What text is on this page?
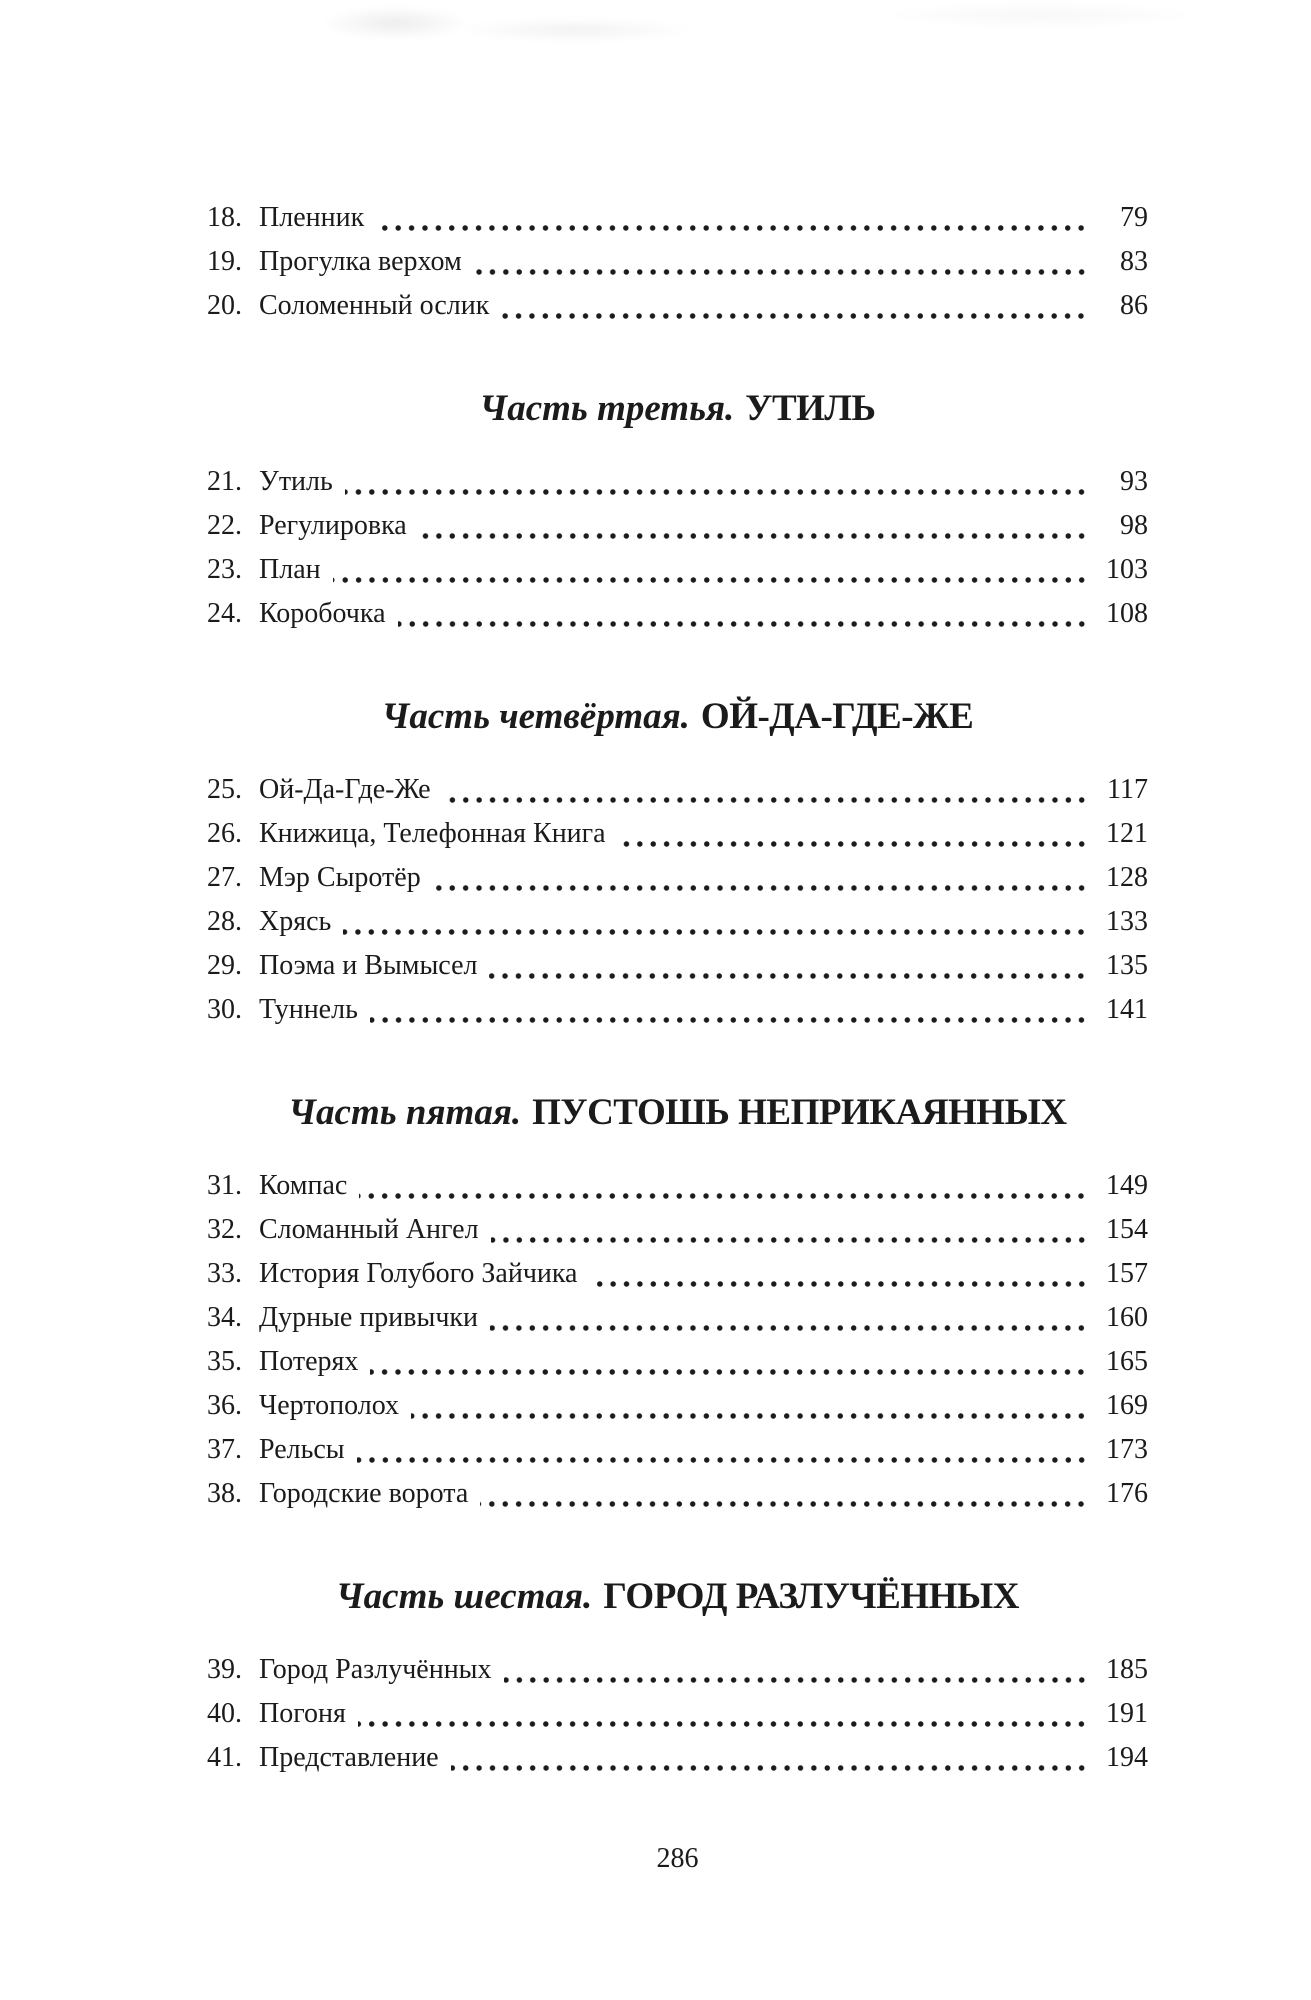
18. Пленник	79
19. Прогулка верхом	83
20. Соломенный ослик	86
Часть третья. УТИЛЬ
21. Утиль	93
22. Регулировка	98
23. План	103
24. Коробочка	108
Часть четвёртая. ОЙ-ДА-ГДЕ-ЖЕ
25. Ой-Да-Где-Же	117
26. Книжица, Телефонная Книга	121
27. Мэр Сыротёр	128
28. Хрясь	133
29. Поэма и Вымысел	135
30. Туннель	141
Часть пятая. ПУСТОШЬ НЕПРИКАЯННЫХ
31. Компас	149
32. Сломанный Ангел	154
33. История Голубого Зайчика	157
34. Дурные привычки	160
35. Потерях	165
36. Чертополох	169
37. Рельсы	173
38. Городские ворота	176
Часть шестая. ГОРОД РАЗЛУЧЁННЫХ
39. Город Разлучённых	185
40. Погоня	191
41. Представление	194
286
